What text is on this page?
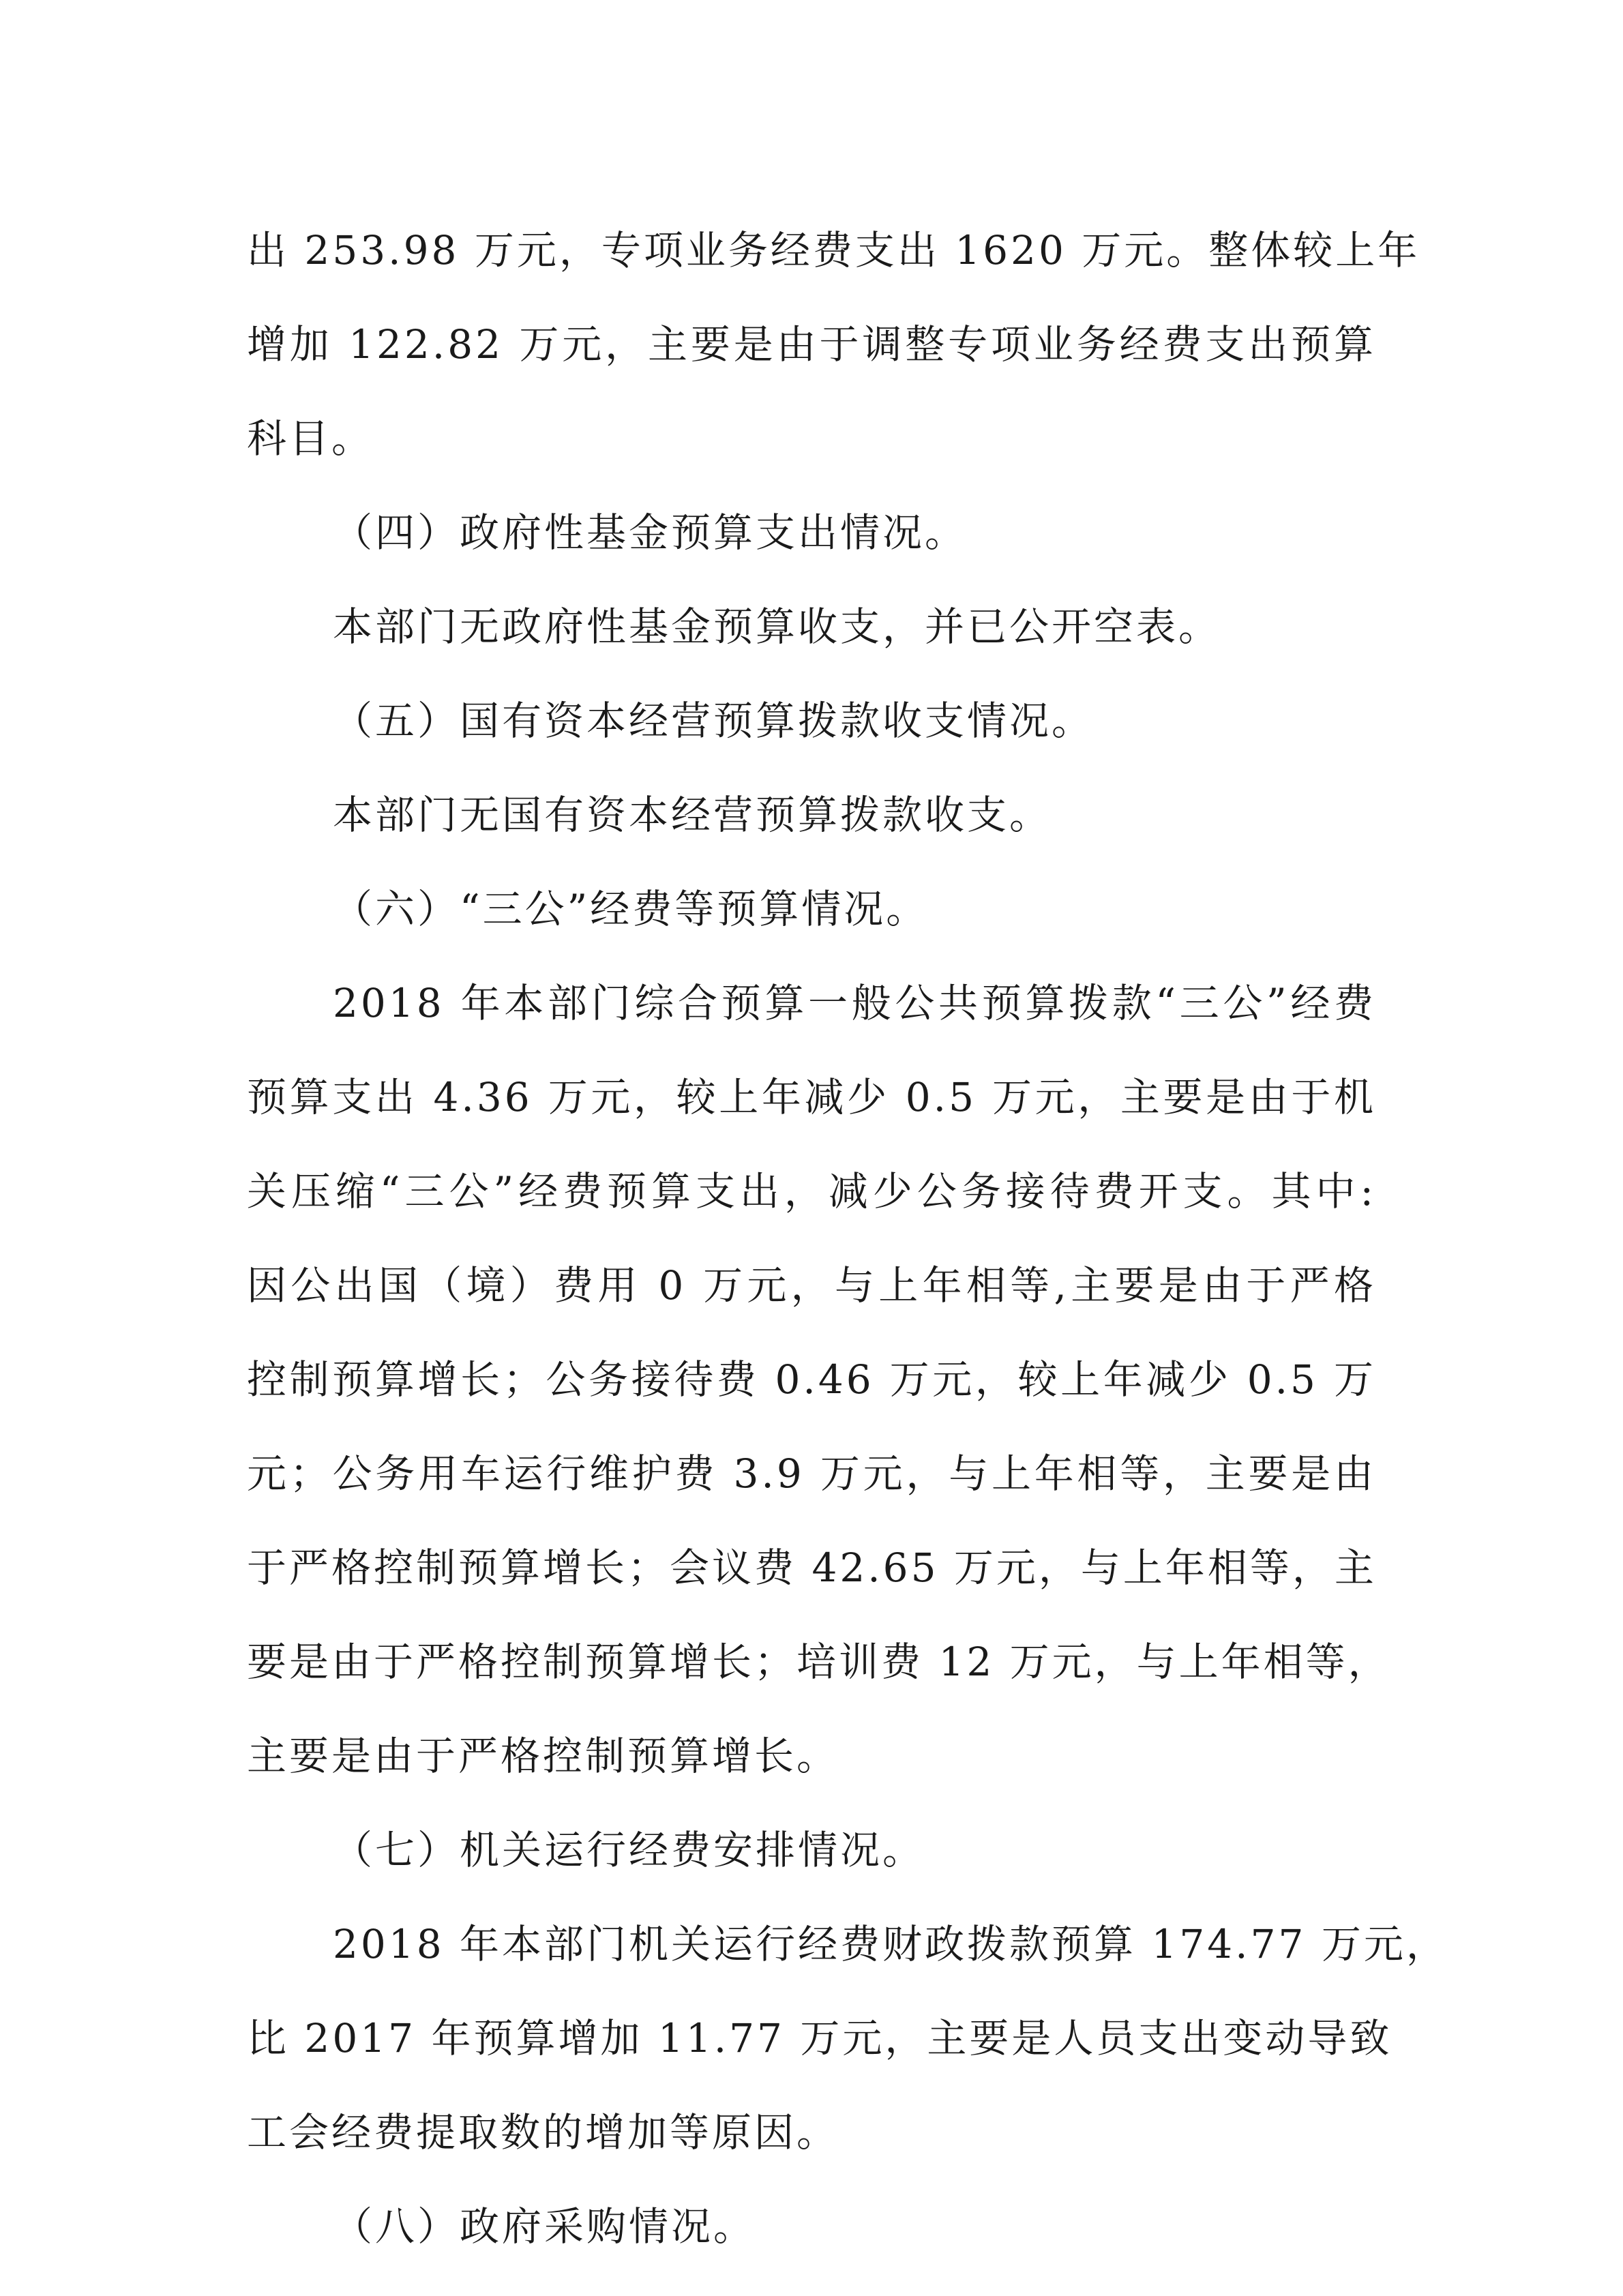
出 253.98 万元，专项业务经费支出 1620 万元。整体较上年
增加 122.82 万元，主要是由于调整专项业务经费支出预算
科目。
（四）政府性基金预算支出情况。
本部门无政府性基金预算收支，并已公开空表。
（五）国有资本经营预算拨款收支情况。
本部门无国有资本经营预算拨款收支。
（六）“三公”经费等预算情况。
2018 年本部门综合预算一般公共预算拨款“三公”经费
预算支出 4.36 万元，较上年减少 0.5 万元，主要是由于机
关压缩“三公”经费预算支出，减少公务接待费开支。其中:
因公出国（境）费用 0 万元，与上年相等,主要是由于严格
控制预算增长；公务接待费 0.46 万元，较上年减少 0.5 万
元；公务用车运行维护费 3.9 万元，与上年相等，主要是由
于严格控制预算增长；会议费 42.65 万元，与上年相等，主
要是由于严格控制预算增长；培训费 12 万元，与上年相等，
主要是由于严格控制预算增长。
（七）机关运行经费安排情况。
2018 年本部门机关运行经费财政拨款预算 174.77 万元，
比 2017 年预算增加 11.77 万元，主要是人员支出变动导致
工会经费提取数的增加等原因。
（八）政府采购情况。
